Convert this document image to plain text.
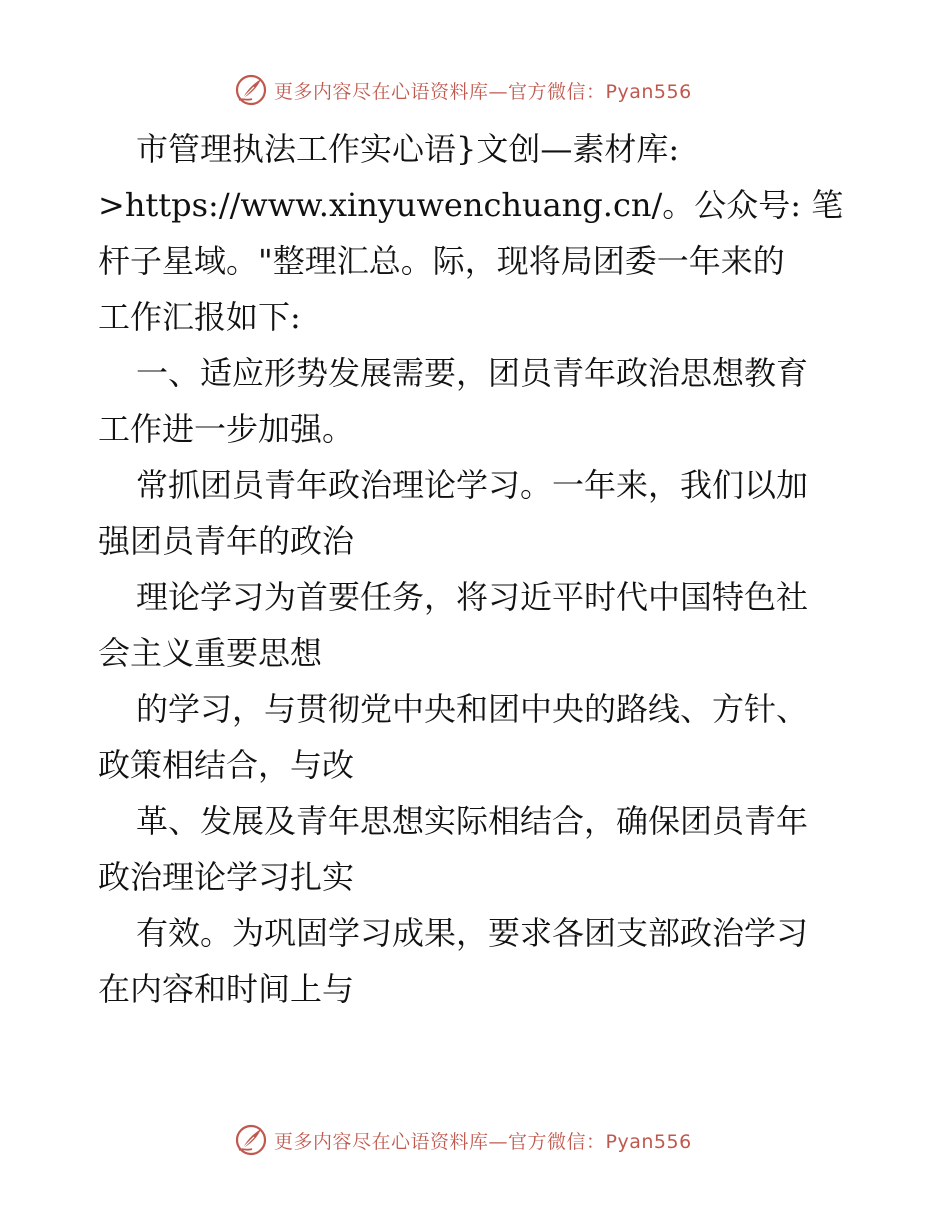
更多内容尽在心语资料库—官方微信：Pyan556
市管理执法工作实心语}文创—素材库:
>https://www.xinyuwenchuang.cn/。公众号: 笔
杆子星域。"整理汇总。际，现将局团委一年来的
工作汇报如下:
一、适应形势发展需要，团员青年政治思想教育
工作进一步加强。
常抓团员青年政治理论学习。一年来，我们以加
强团员青年的政治
理论学习为首要任务，将习近平时代中国特色社
会主义重要思想
的学习，与贯彻党中央和团中央的路线、方针、
政策相结合，与改
革、发展及青年思想实际相结合，确保团员青年
政治理论学习扎实
有效。为巩固学习成果，要求各团支部政治学习
在内容和时间上与
更多内容尽在心语资料库—官方微信：Pyan556
